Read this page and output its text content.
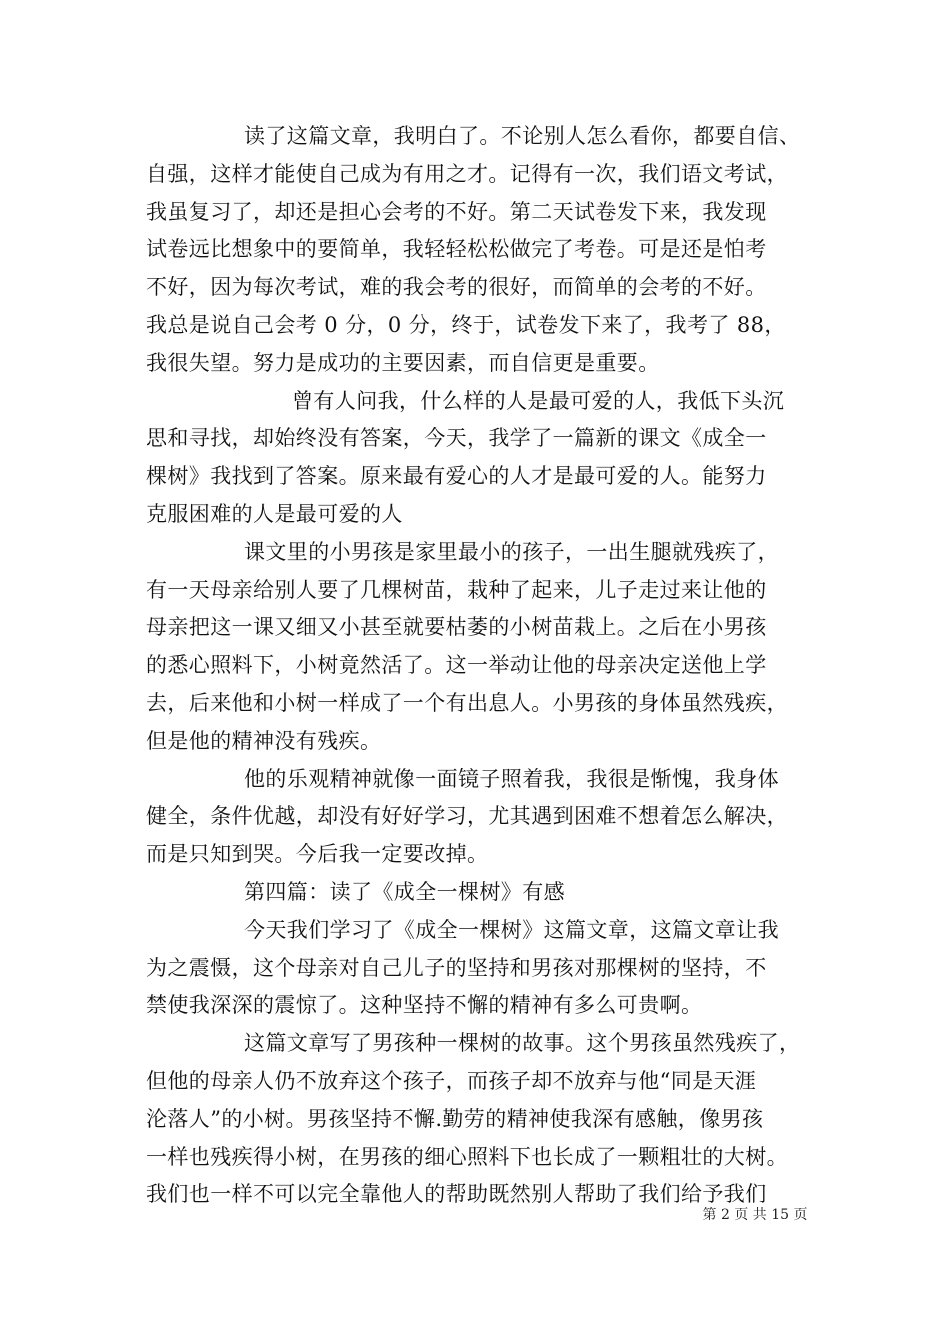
读了这篇文章，我明白了。不论别人怎么看你，都要自信、
自强，这样才能使自己成为有用之才。记得有一次，我们语文考试，
我虽复习了，却还是担心会考的不好。第二天试卷发下来，我发现
试卷远比想象中的要简单，我轻轻松松做完了考卷。可是还是怕考
不好，因为每次考试，难的我会考的很好，而简单的会考的不好。
我总是说自己会考 0 分，0 分，终于，试卷发下来了，我考了 88，
我很失望。努力是成功的主要因素，而自信更是重要。
曾有人问我，什么样的人是最可爱的人，我低下头沉
思和寻找，却始终没有答案，今天，我学了一篇新的课文《成全一
棵树》我找到了答案。原来最有爱心的人才是最可爱的人。能努力
克服困难的人是最可爱的人
课文里的小男孩是家里最小的孩子，一出生腿就残疾了，
有一天母亲给别人要了几棵树苗，栽种了起来，儿子走过来让他的
母亲把这一课又细又小甚至就要枯萎的小树苗栽上。之后在小男孩
的悉心照料下，小树竟然活了。这一举动让他的母亲决定送他上学
去，后来他和小树一样成了一个有出息人。小男孩的身体虽然残疾，
但是他的精神没有残疾。
他的乐观精神就像一面镜子照着我，我很是惭愧，我身体
健全，条件优越，却没有好好学习，尤其遇到困难不想着怎么解决，
而是只知到哭。今后我一定要改掉。
第四篇：读了《成全一棵树》有感
今天我们学习了《成全一棵树》这篇文章，这篇文章让我
为之震慑，这个母亲对自己儿子的坚持和男孩对那棵树的坚持，不
禁使我深深的震惊了。这种坚持不懈的精神有多么可贵啊。
这篇文章写了男孩种一棵树的故事。这个男孩虽然残疾了，
但他的母亲人仍不放弃这个孩子，而孩子却不放弃与他“同是天涯
沦落人”的小树。男孩坚持不懈.勤劳的精神使我深有感触，像男孩
一样也残疾得小树，在男孩的细心照料下也长成了一颗粗壮的大树。
我们也一样不可以完全靠他人的帮助既然别人帮助了我们给予我们
第 2 页 共 15 页
